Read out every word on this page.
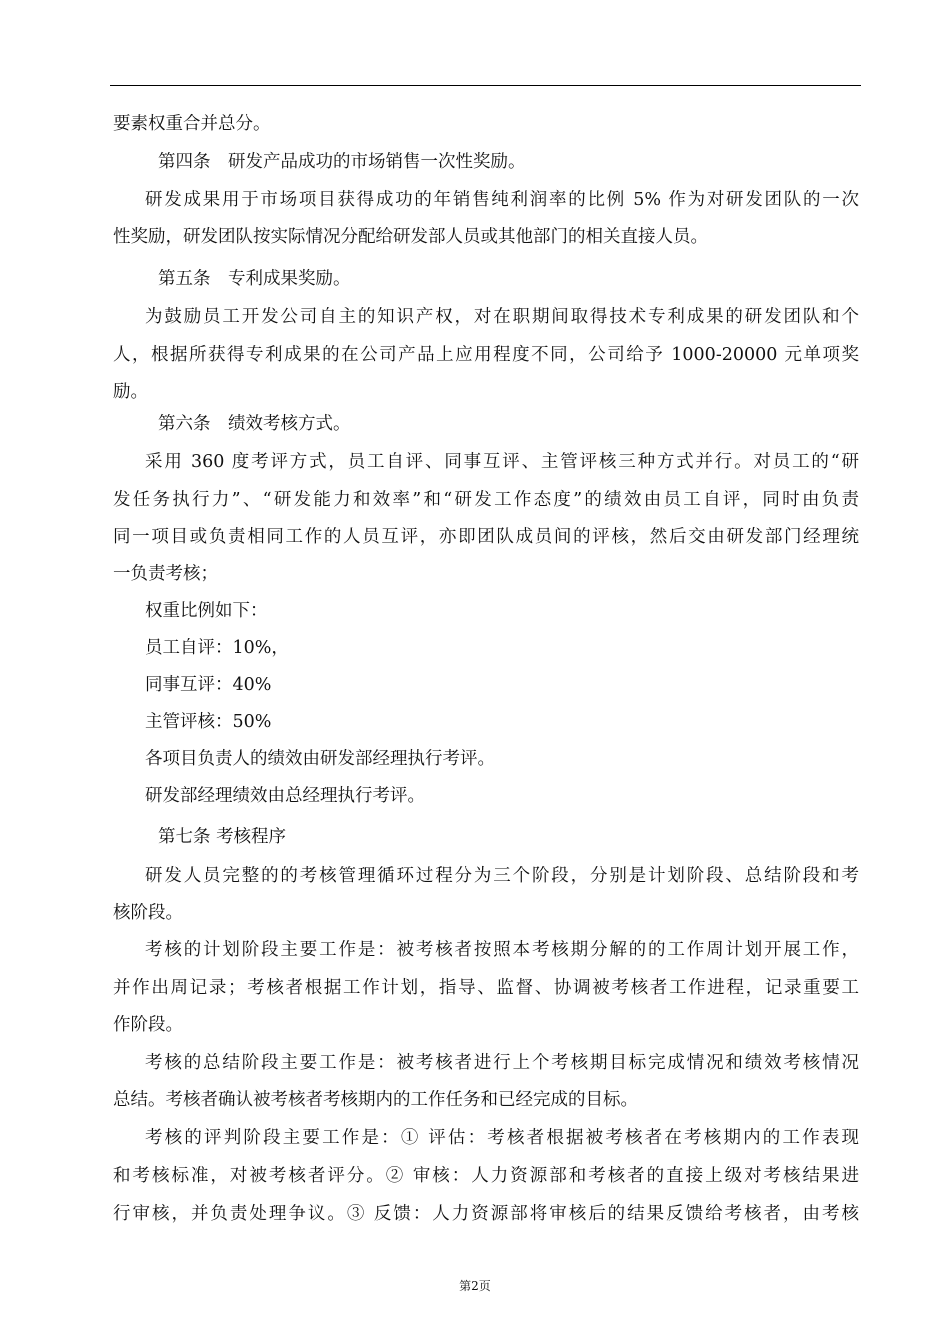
要素权重合并总分。
第四条　研发产品成功的市场销售一次性奖励。
研发成果用于市场项目获得成功的年销售纯利润率的比例 5% 作为对研发团队的一次
性奖励，研发团队按实际情况分配给研发部人员或其他部门的相关直接人员。
第五条　专利成果奖励。
为鼓励员工开发公司自主的知识产权，对在职期间取得技术专利成果的研发团队和个
人，根据所获得专利成果的在公司产品上应用程度不同，公司给予 1000-20000 元单项奖
励。
第六条　绩效考核方式。
采用 360 度考评方式，员工自评、同事互评、主管评核三种方式并行。对员工的“研
发任务执行力”、“研发能力和效率”和“研发工作态度”的绩效由员工自评，同时由负责
同一项目或负责相同工作的人员互评，亦即团队成员间的评核，然后交由研发部门经理统
一负责考核；
权重比例如下：
员工自评：10%，
同事互评：40%
主管评核：50%
各项目负责人的绩效由研发部经理执行考评。
研发部经理绩效由总经理执行考评。
第七条 考核程序
研发人员完整的的考核管理循环过程分为三个阶段，分别是计划阶段、总结阶段和考
核阶段。
考核的计划阶段主要工作是：被考核者按照本考核期分解的的工作周计划开展工作，
并作出周记录；考核者根据工作计划，指导、监督、协调被考核者工作进程，记录重要工
作阶段。
考核的总结阶段主要工作是：被考核者进行上个考核期目标完成情况和绩效考核情况
总结。考核者确认被考核者考核期内的工作任务和已经完成的目标。
考核的评判阶段主要工作是：① 评估：考核者根据被考核者在考核期内的工作表现
和考核标准，对被考核者评分。② 审核：人力资源部和考核者的直接上级对考核结果进
行审核，并负责处理争议。③ 反馈：人力资源部将审核后的结果反馈给考核者，由考核
第2页
